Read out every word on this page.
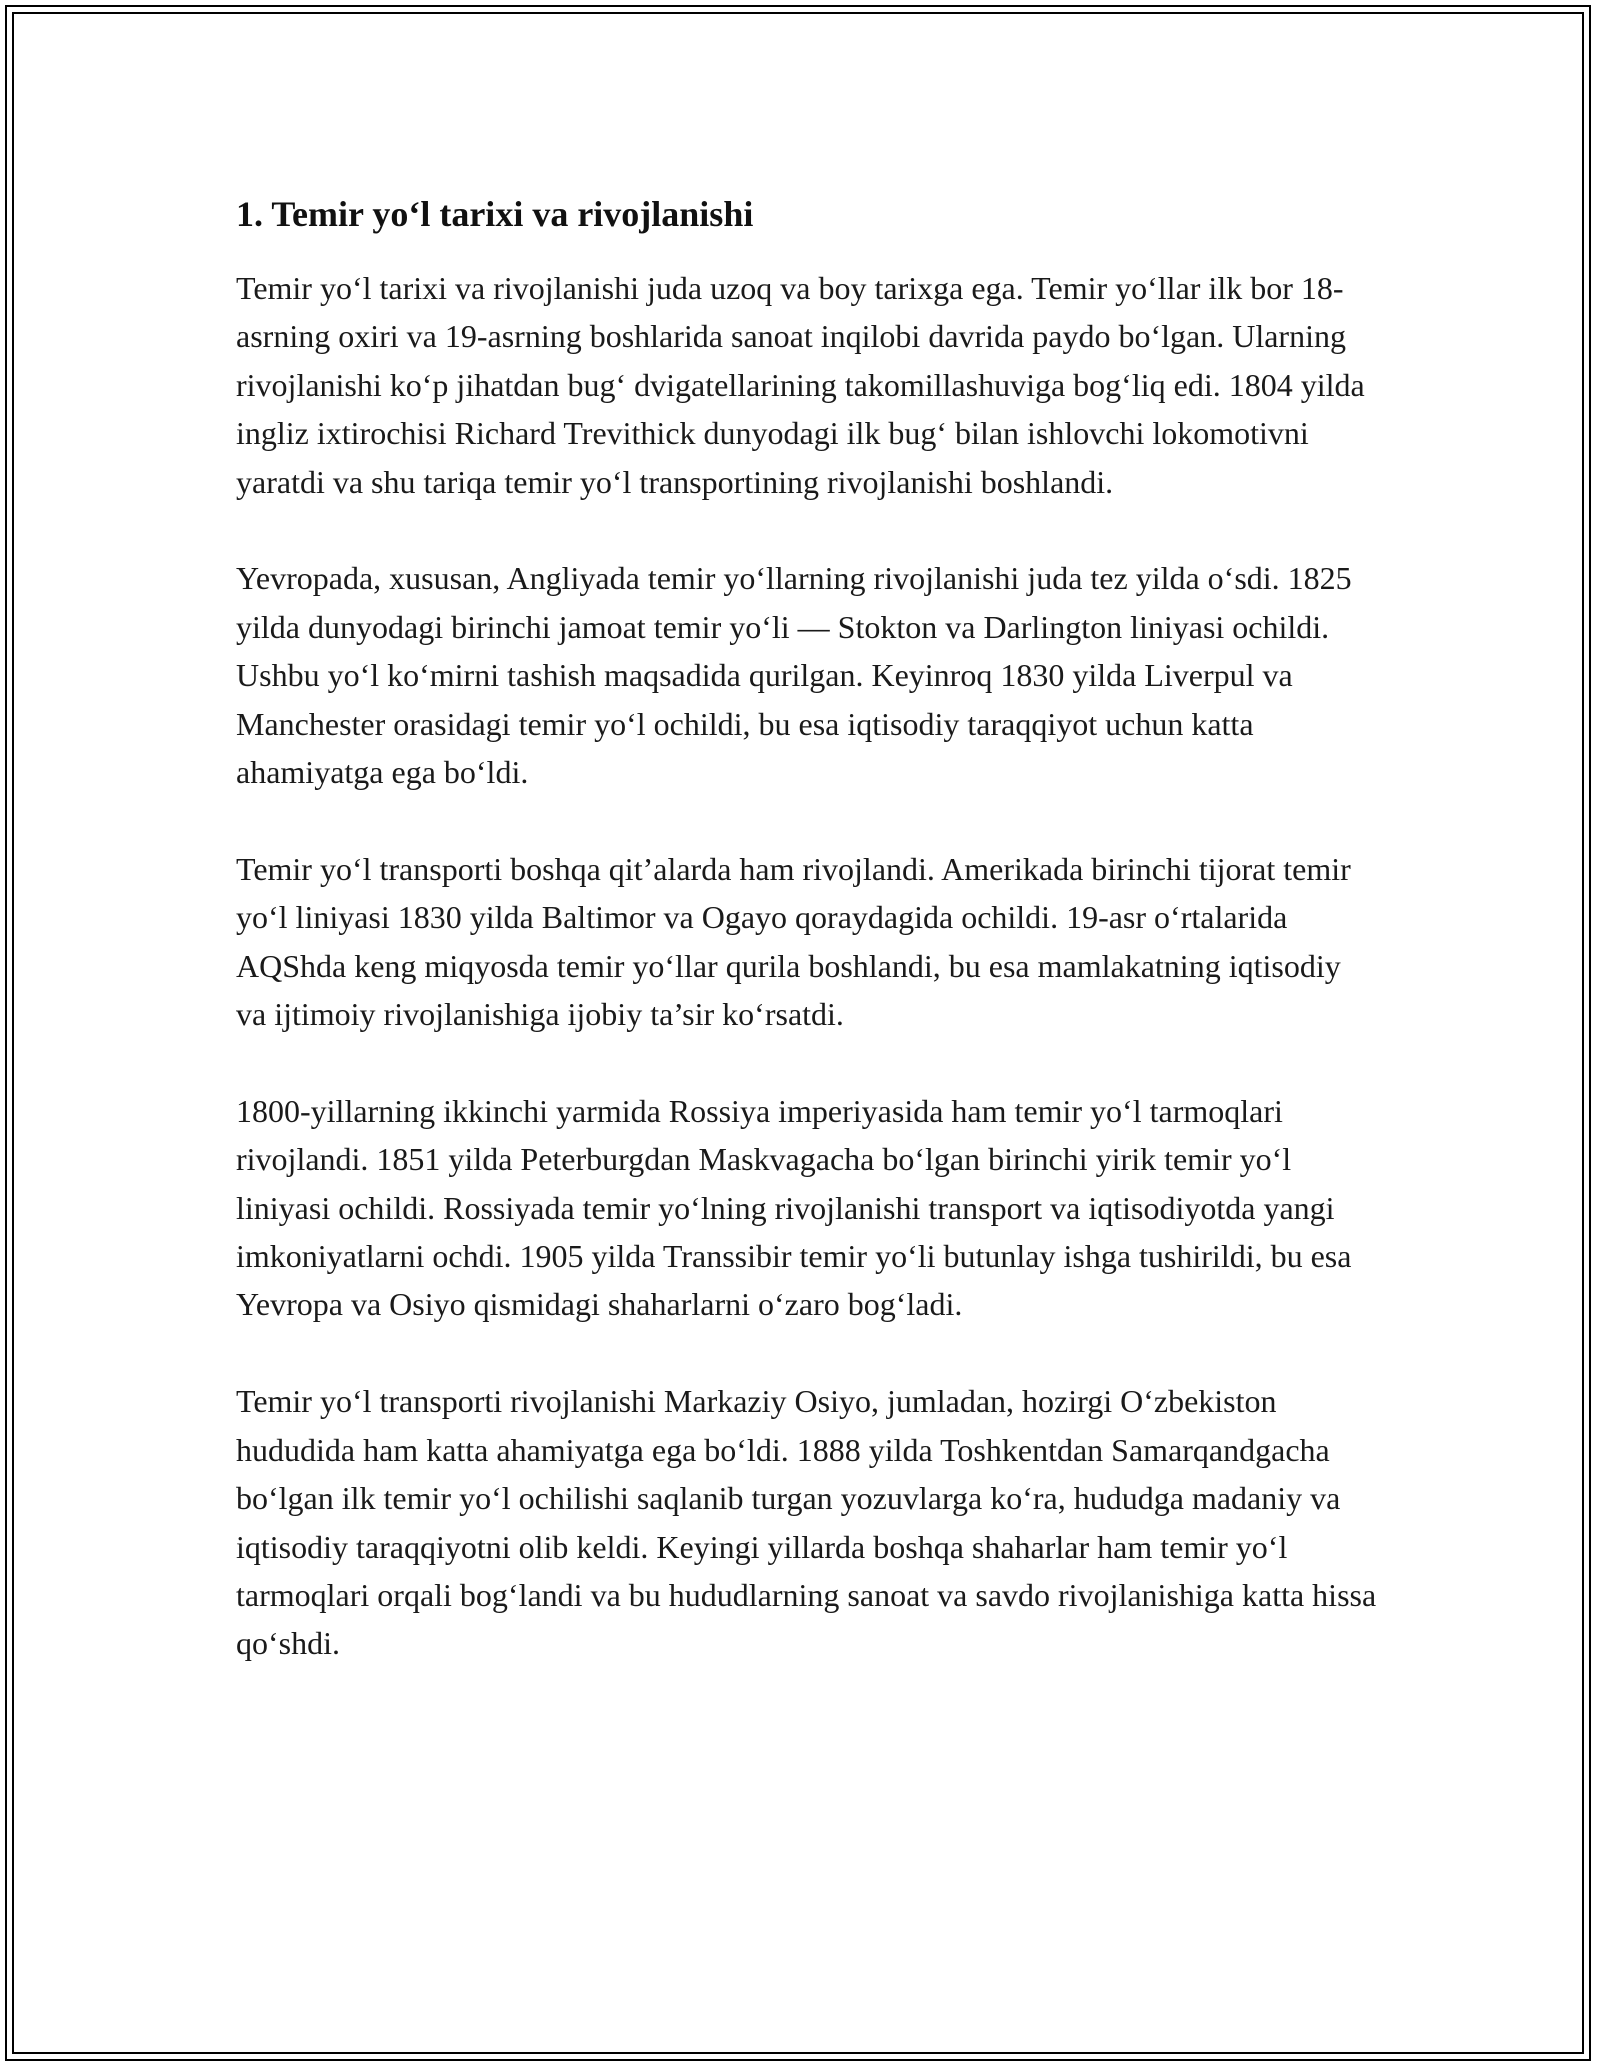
1. Temir yo‘l tarixi va rivojlanishi

Temir yo‘l tarixi va rivojlanishi juda uzoq va boy tarixga ega. Temir yo‘llar ilk bor 18-asrning oxiri va 19-asrning boshlarida sanoat inqilobi davrida paydo bo‘lgan. Ularning rivojlanishi ko‘p jihatdan bug‘ dvigatellarining takomillashuviga bog‘liq edi. 1804 yilda ingliz ixtirochisi Richard Trevithick dunyodagi ilk bug‘ bilan ishlovchi lokomotivni yaratdi va shu tariqa temir yo‘l transportining rivojlanishi boshlandi.

Yevropada, xususan, Angliyada temir yo‘llarning rivojlanishi juda tez yilda o‘sdi. 1825 yilda dunyodagi birinchi jamoat temir yo‘li — Stokton va Darlington liniyasi ochildi. Ushbu yo‘l ko‘mirni tashish maqsadida qurilgan. Keyinroq 1830 yilda Liverpul va Manchester orasidagi temir yo‘l ochildi, bu esa iqtisodiy taraqqiyot uchun katta ahamiyatga ega bo‘ldi.

Temir yo‘l transporti boshqa qit’alarda ham rivojlandi. Amerikada birinchi tijorat temir yo‘l liniyasi 1830 yilda Baltimor va Ogayo qoraydagida ochildi. 19-asr o‘rtalarida AQShda keng miqyosda temir yo‘llar qurila boshlandi, bu esa mamlakatning iqtisodiy va ijtimoiy rivojlanishiga ijobiy ta’sir ko‘rsatdi.

1800-yillarning ikkinchi yarmida Rossiya imperiyasida ham temir yo‘l tarmoqlari rivojlandi. 1851 yilda Peterburgdan Maskvagacha bo‘lgan birinchi yirik temir yo‘l liniyasi ochildi. Rossiyada temir yo‘lning rivojlanishi transport va iqtisodiyotda yangi imkoniyatlarni ochdi. 1905 yilda Transsibir temir yo‘li butunlay ishga tushirildi, bu esa Yevropa va Osiyo qismidagi shaharlarni o‘zaro bog‘ladi.

Temir yo‘l transporti rivojlanishi Markaziy Osiyo, jumladan, hozirgi O‘zbekiston hududida ham katta ahamiyatga ega bo‘ldi. 1888 yilda Toshkentdan Samarqandgacha bo‘lgan ilk temir yo‘l ochilishi saqlanib turgan yozuvlarga ko‘ra, hududga madaniy va iqtisodiy taraqqiyotni olib keldi. Keyingi yillarda boshqa shaharlar ham temir yo‘l tarmoqlari orqali bog‘landi va bu hududlarning sanoat va savdo rivojlanishiga katta hissa qo‘shdi.
